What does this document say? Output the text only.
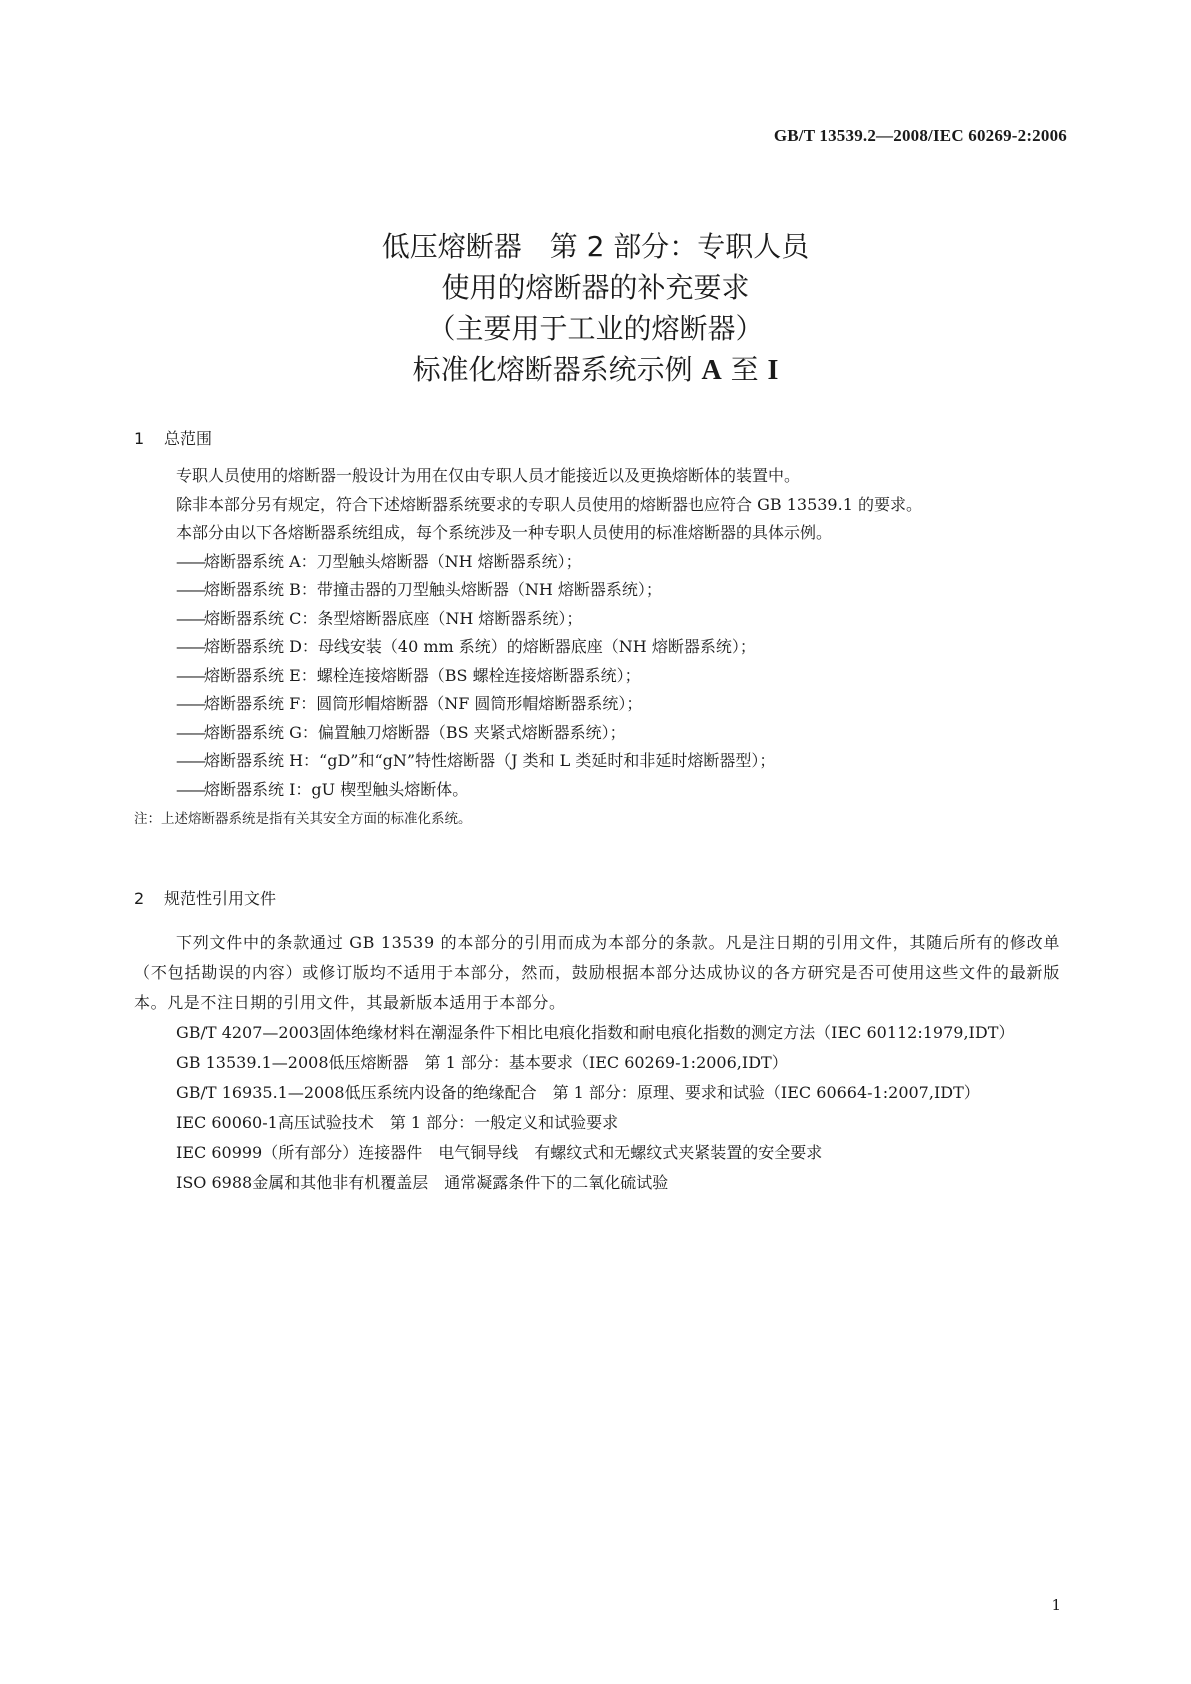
GB/T 13539.2—2008/IEC 60269-2:2006
低压熔断器　第 2 部分：专职人员
使用的熔断器的补充要求
（主要用于工业的熔断器）
标准化熔断器系统示例 A 至 I
1 总范围
专职人员使用的熔断器一般设计为用在仅由专职人员才能接近以及更换熔断体的装置中。
除非本部分另有规定，符合下述熔断器系统要求的专职人员使用的熔断器也应符合 GB 13539.1 的要求。
本部分由以下各熔断器系统组成，每个系统涉及一种专职人员使用的标准熔断器的具体示例。
——熔断器系统 A：刀型触头熔断器（NH 熔断器系统）；
——熔断器系统 B：带撞击器的刀型触头熔断器（NH 熔断器系统）；
——熔断器系统 C：条型熔断器底座（NH 熔断器系统）；
——熔断器系统 D：母线安装（40 mm 系统）的熔断器底座（NH 熔断器系统）；
——熔断器系统 E：螺栓连接熔断器（BS 螺栓连接熔断器系统）；
——熔断器系统 F：圆筒形帽熔断器（NF 圆筒形帽熔断器系统）；
——熔断器系统 G：偏置触刀熔断器（BS 夹紧式熔断器系统）；
——熔断器系统 H：“gD”和“gN”特性熔断器（J 类和 L 类延时和非延时熔断器型）；
——熔断器系统 I：gU 楔型触头熔断体。
注：上述熔断器系统是指有关其安全方面的标准化系统。
2 规范性引用文件
下列文件中的条款通过 GB 13539 的本部分的引用而成为本部分的条款。凡是注日期的引用文件，其随后所有的修改单（不包括勘误的内容）或修订版均不适用于本部分，然而，鼓励根据本部分达成协议的各方研究是否可使用这些文件的最新版本。凡是不注日期的引用文件，其最新版本适用于本部分。
GB/T 4207—2003固体绝缘材料在潮湿条件下相比电痕化指数和耐电痕化指数的测定方法（IEC 60112:1979,IDT）
GB 13539.1—2008低压熔断器　第 1 部分：基本要求（IEC 60269-1:2006,IDT）
GB/T 16935.1—2008低压系统内设备的绝缘配合　第 1 部分：原理、要求和试验（IEC 60664-1:2007,IDT）
IEC 60060-1高压试验技术　第 1 部分：一般定义和试验要求
IEC 60999（所有部分）连接器件　电气铜导线　有螺纹式和无螺纹式夹紧装置的安全要求
ISO 6988金属和其他非有机覆盖层　通常凝露条件下的二氧化硫试验
1
